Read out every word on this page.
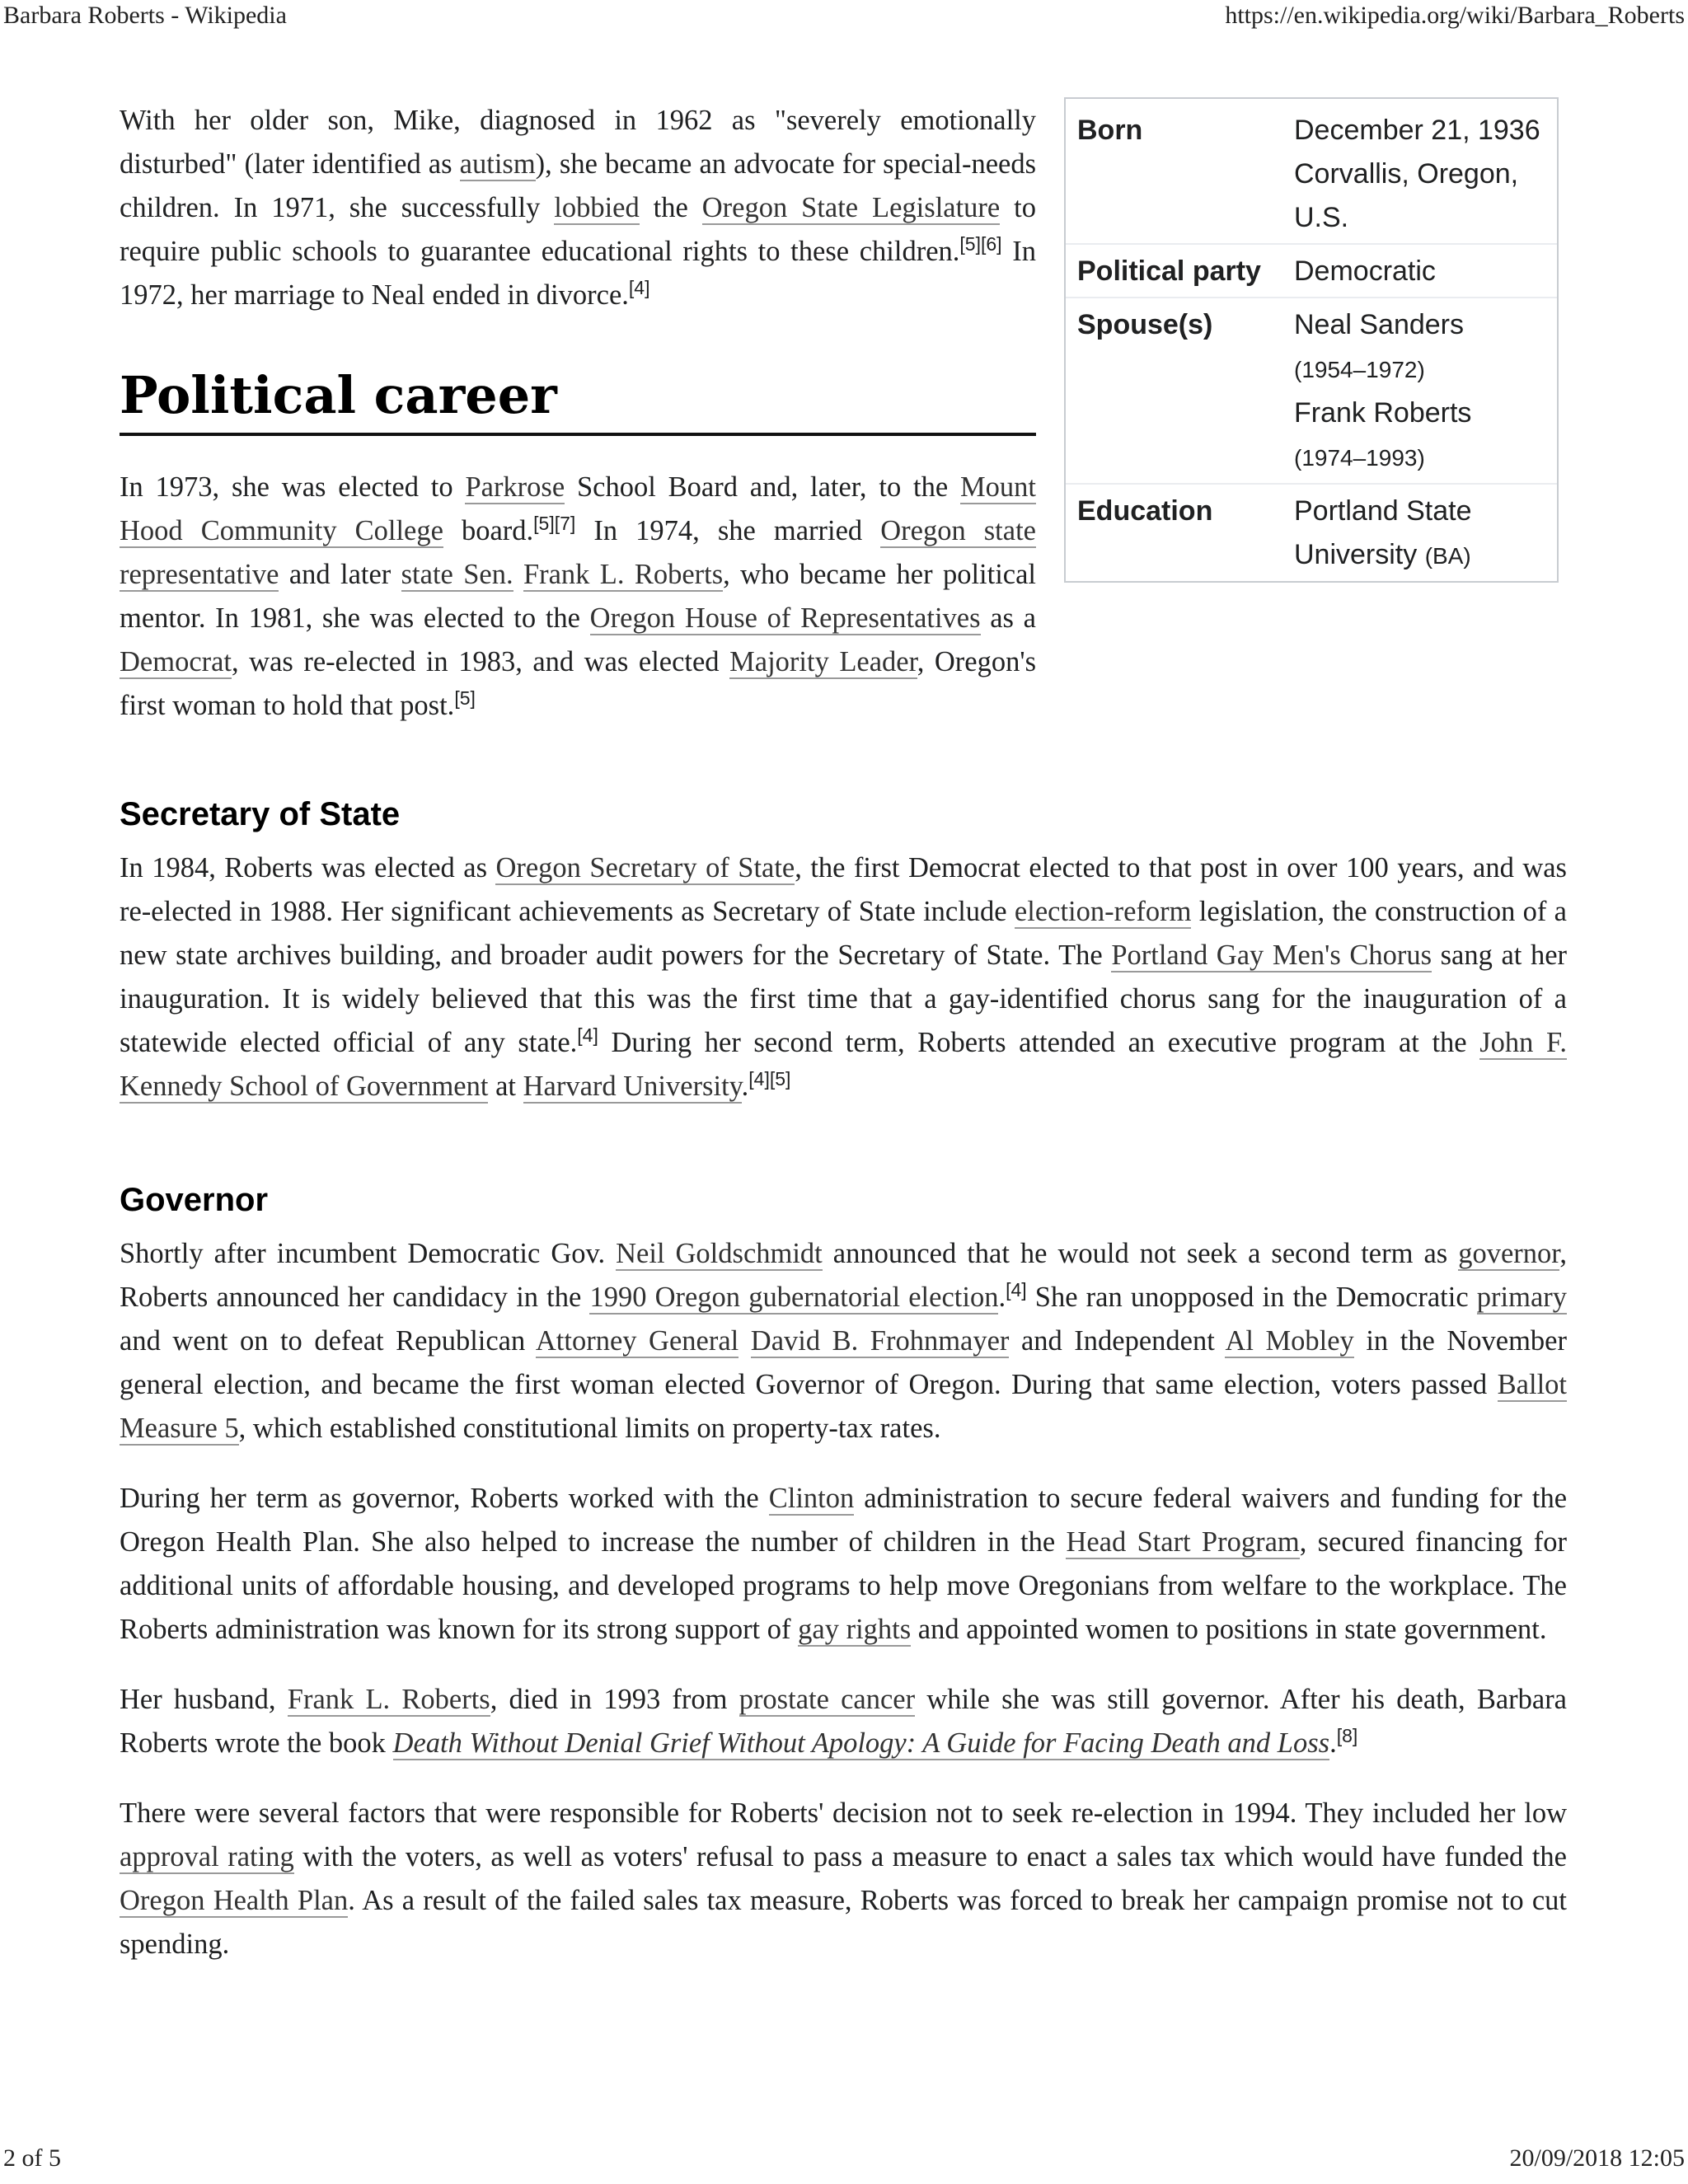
Barbara Roberts - Wikipedia	https://en.wikipedia.org/wiki/Barbara_Roberts
Born	December 21, 1936
Corvallis, Oregon, U.S.
Political party	Democratic
Spouse(s)	Neal Sanders
(1954–1972)
Frank Roberts
(1974–1993)
Education	Portland State University (BA)

With her older son, Mike, diagnosed in 1962 as "severely emotionally disturbed" (later identified as autism), she became an advocate for special-needs children. In 1971, she successfully lobbied the Oregon State Legislature to require public schools to guarantee educational rights to these children.[5][6] In 1972, her marriage to Neal ended in divorce.[4]

Political career

In 1973, she was elected to Parkrose School Board and, later, to the Mount Hood Community College board.[5][7] In 1974, she married Oregon state representative and later state Sen. Frank L. Roberts, who became her political mentor. In 1981, she was elected to the Oregon House of Representatives as a Democrat, was re-elected in 1983, and was elected Majority Leader, Oregon's first woman to hold that post.[5]

Secretary of State

In 1984, Roberts was elected as Oregon Secretary of State, the first Democrat elected to that post in over 100 years, and was re-elected in 1988. Her significant achievements as Secretary of State include election-reform legislation, the construction of a new state archives building, and broader audit powers for the Secretary of State. The Portland Gay Men's Chorus sang at her inauguration. It is widely believed that this was the first time that a gay-identified chorus sang for the inauguration of a statewide elected official of any state.[4] During her second term, Roberts attended an executive program at the John F. Kennedy School of Government at Harvard University.[4][5]

Governor

Shortly after incumbent Democratic Gov. Neil Goldschmidt announced that he would not seek a second term as governor, Roberts announced her candidacy in the 1990 Oregon gubernatorial election.[4] She ran unopposed in the Democratic primary and went on to defeat Republican Attorney General David B. Frohnmayer and Independent Al Mobley in the November general election, and became the first woman elected Governor of Oregon. During that same election, voters passed Ballot Measure 5, which established constitutional limits on property-tax rates.

During her term as governor, Roberts worked with the Clinton administration to secure federal waivers and funding for the Oregon Health Plan. She also helped to increase the number of children in the Head Start Program, secured financing for additional units of affordable housing, and developed programs to help move Oregonians from welfare to the workplace. The Roberts administration was known for its strong support of gay rights and appointed women to positions in state government.

Her husband, Frank L. Roberts, died in 1993 from prostate cancer while she was still governor. After his death, Barbara Roberts wrote the book Death Without Denial Grief Without Apology: A Guide for Facing Death and Loss.[8]

There were several factors that were responsible for Roberts' decision not to seek re-election in 1994. They included her low approval rating with the voters, as well as voters' refusal to pass a measure to enact a sales tax which would have funded the Oregon Health Plan. As a result of the failed sales tax measure, Roberts was forced to break her campaign promise not to cut spending.

2 of 5	20/09/2018 12:05
